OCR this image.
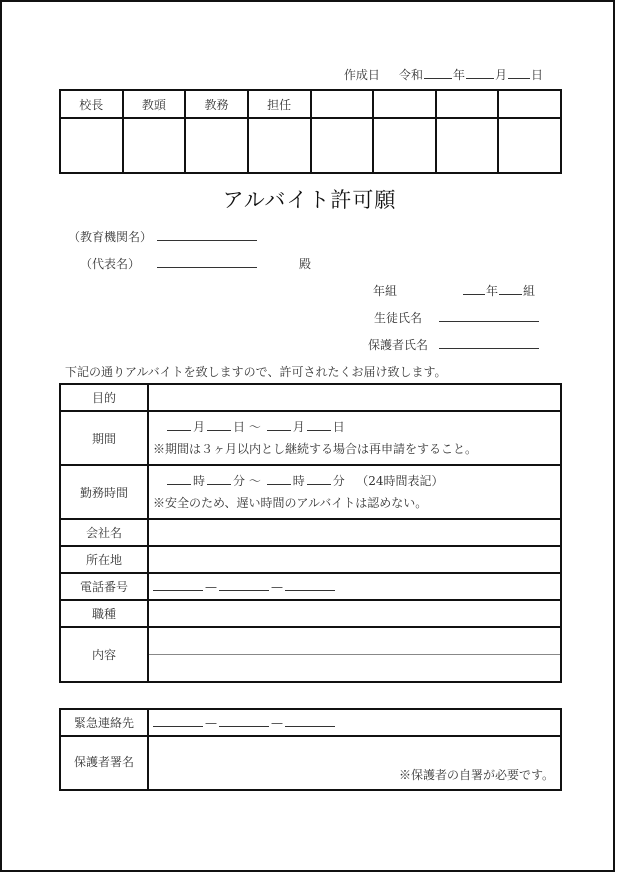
作成日 令和	年	月 日
校長	教頭	教務	担任				

アルバイト許可願
（教育機関名）
（代表名）	殿
年組	年 組
生徒氏名
保護者氏名
下記の通りアルバイトを致しますので、許可されたくお届け致します。
目的	
期間	月 日 〜 月 日
※期間は３ヶ月以内とし継続する場合は再申請をすること。

勤務時間	時 分 〜 時 分 （24時間表記）
※安全のため、遅い時間のアルバイトは認めない。

会社名	
所在地	
電話番号	— —
職種	
内容	
緊急連絡先	— —
保護者署名	※保護者の自署が必要です。
